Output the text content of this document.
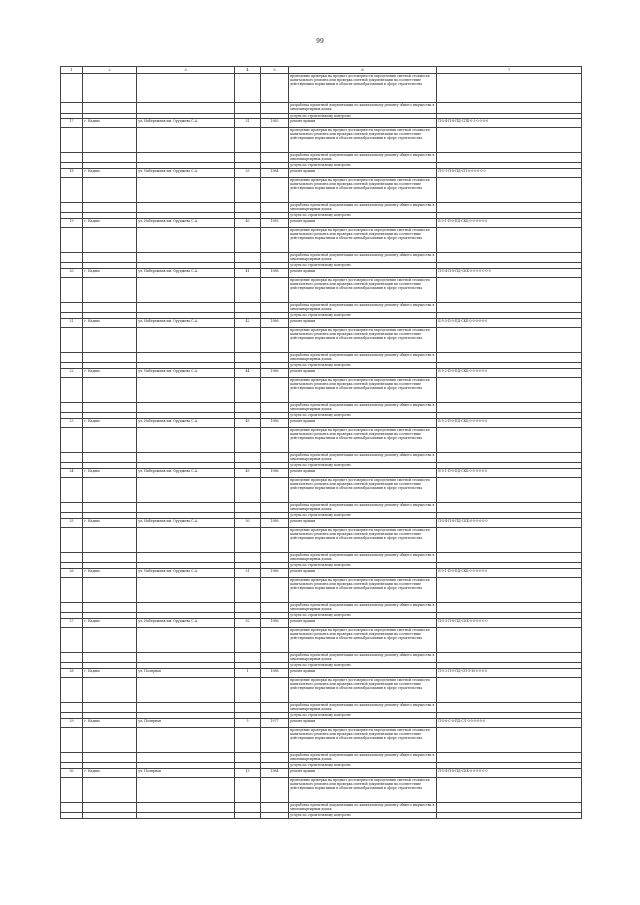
99
1	2	3	4	5	6	7
					проведение проверки на предмет достоверности определения сметной стоимости капитального ремонта или проверка сметной документации на соответствие действующим нормативам в области ценообразования в сфере строительства	
					разработка проектной документации по капитальному ремонту общего имущества в многоквартирных домах	
					услуги по строительному контролю	
17	г. Надым	ул. Набережная им. Оруджева С.А.	31	1983	ремонт крыши	П-5-4-П-8-ПД-СПБ-0-3-0-0-0-0
					проведение проверки на предмет достоверности определения сметной стоимости капитального ремонта или проверка сметной документации на соответствие действующим нормативам в области ценообразования в сфере строительства	
					разработка проектной документации по капитальному ремонту общего имущества в многоквартирных домах	
					услуги по строительному контролю	
18	г. Надым	ул. Набережная им. Оруджева С.А.	33	1984	ремонт крыши	П-5-1-П-8-ПД-СП-0-0-0-0-0-0
					проведение проверки на предмет достоверности определения сметной стоимости капитального ремонта или проверка сметной документации на соответствие действующим нормативам в области ценообразования в сфере строительства	
					разработка проектной документации по капитальному ремонту общего имущества в многоквартирных домах	
					услуги по строительному контролю	
19	г. Надым	ул. Набережная им. Оруджева С.А.	40	1985	ремонт крыши	Б-5-1-П-0-ПД-СКБ-0-0-0-0-0-0
					проведение проверки на предмет достоверности определения сметной стоимости капитального ремонта или проверка сметной документации на соответствие действующим нормативам в области ценообразования в сфере строительства	
					разработка проектной документации по капитальному ремонту общего имущества в многоквартирных домах	
					услуги по строительному контролю	
20	г. Надым	ул. Набережная им. Оруджева С.А.	41	1988	ремонт крыши	П-5-4-П-8-ПД-СКБ-0-0-0-0-0-0-0
					проведение проверки на предмет достоверности определения сметной стоимости капитального ремонта или проверка сметной документации на соответствие действующим нормативам в области ценообразования в сфере строительства	
					разработка проектной документации по капитальному ремонту общего имущества в многоквартирных домах	
					услуги по строительному контролю	
21	г. Надым	ул. Набережная им. Оруджева С.А.	42	1986	ремонт крыши	Б-5-3-П-0-ПД-СКБ-0-0-0-0-0-0
					проведение проверки на предмет достоверности определения сметной стоимости капитального ремонта или проверка сметной документации на соответствие действующим нормативам в области ценообразования в сфере строительства	
					разработка проектной документации по капитальному ремонту общего имущества в многоквартирных домах	
					услуги по строительному контролю	
22	г. Надым	ул. Набережная им. Оруджева С.А.	44	1986	ремонт крыши	Б-5-2-П-0-ПД-СКБ-0-0-0-0-0-0
					проведение проверки на предмет достоверности определения сметной стоимости капитального ремонта или проверка сметной документации на соответствие действующим нормативам в области ценообразования в сфере строительства	
					разработка проектной документации по капитальному ремонту общего имущества в многоквартирных домах	
					услуги по строительному контролю	
23	г. Надым	ул. Набережная им. Оруджева С.А.	45	1986	ремонт крыши	Б-5-2-П-0-ПД-СКБ-0-0-0-0-0-0
					проведение проверки на предмет достоверности определения сметной стоимости капитального ремонта или проверка сметной документации на соответствие действующим нормативам в области ценообразования в сфере строительства	
					разработка проектной документации по капитальному ремонту общего имущества в многоквартирных домах	
					услуги по строительному контролю	
24	г. Надым	ул. Набережная им. Оруджева С.А.	49	1986	ремонт крыши	Б-5-1-П-0-ПД-СКБ-0-0-0-0-0-0
					проведение проверки на предмет достоверности определения сметной стоимости капитального ремонта или проверка сметной документации на соответствие действующим нормативам в области ценообразования в сфере строительства	
					разработка проектной документации по капитальному ремонту общего имущества в многоквартирных домах	
					услуги по строительному контролю	
25	г. Надым	ул. Набережная им. Оруджева С.А.	50	1988	ремонт крыши	П-5-4-П-8-ПД-СКБ-0-0-0-0-0-0
					проведение проверки на предмет достоверности определения сметной стоимости капитального ремонта или проверка сметной документации на соответствие действующим нормативам в области ценообразования в сфере строительства	
					разработка проектной документации по капитальному ремонту общего имущества в многоквартирных домах	
					услуги по строительному контролю	
26	г. Надым	ул. Набережная им. Оруджева С.А.	51	1986	ремонт крыши	Б-5-1-П-0-ПД-СКБ-0-0-0-0-0-0
					проведение проверки на предмет достоверности определения сметной стоимости капитального ремонта или проверка сметной документации на соответствие действующим нормативам в области ценообразования в сфере строительства	
					разработка проектной документации по капитальному ремонту общего имущества в многоквартирных домах	
					услуги по строительному контролю	
27	г. Надым	ул. Набережная им. Оруджева С.А.	52	1986	ремонт крыши	П-5-3-П-8-ПД-СКБ-0-0-0-0-0-0
					проведение проверки на предмет достоверности определения сметной стоимости капитального ремонта или проверка сметной документации на соответствие действующим нормативам в области ценообразования в сфере строительства	
					разработка проектной документации по капитальному ремонту общего имущества в многоквартирных домах	
					услуги по строительному контролю	
28	г. Надым	ул. Полярная	1	1988	ремонт крыши	П-5-2-П-0-ПД-СП-Э-М-0-0-0-0
					проведение проверки на предмет достоверности определения сметной стоимости капитального ремонта или проверка сметной документации на соответствие действующим нормативам в области ценообразования в сфере строительства	
					разработка проектной документации по капитальному ремонту общего имущества в многоквартирных домах	
					услуги по строительному контролю	
29	г. Надым	ул. Полярная	5	1977	ремонт крыши	П-5-6-С-0-ПД-СЛ-0-0-0-0-0-0
					проведение проверки на предмет достоверности определения сметной стоимости капитального ремонта или проверка сметной документации на соответствие действующим нормативам в области ценообразования в сфере строительства	
					разработка проектной документации по капитальному ремонту общего имущества в многоквартирных домах	
					услуги по строительному контролю	
30	г. Надым	ул. Полярная	13	1984	ремонт крыши	П-5-4-П-8-ПД-СКБ-0-0-0-0-0-0
					проведение проверки на предмет достоверности определения сметной стоимости капитального ремонта или проверка сметной документации на соответствие действующим нормативам в области ценообразования в сфере строительства	
					разработка проектной документации по капитальному ремонту общего имущества в многоквартирных домах	
					услуги по строительному контролю	
